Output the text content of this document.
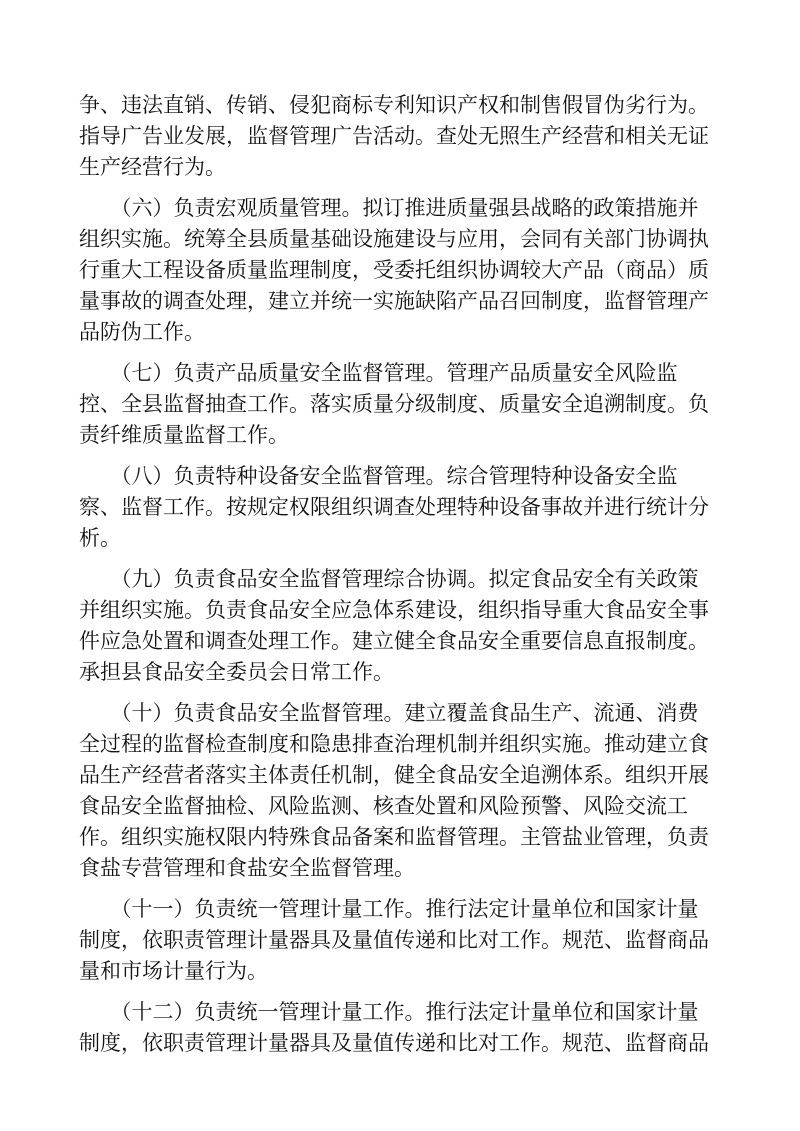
争、违法直销、传销、侵犯商标专利知识产权和制售假冒伪劣行为。
指导广告业发展，监督管理广告活动。查处无照生产经营和相关无证
生产经营行为。
　　（六）负责宏观质量管理。拟订推进质量强县战略的政策措施并
组织实施。统筹全县质量基础设施建设与应用，会同有关部门协调执
行重大工程设备质量监理制度，受委托组织协调较大产品（商品）质
量事故的调查处理，建立并统一实施缺陷产品召回制度，监督管理产
品防伪工作。
　　（七）负责产品质量安全监督管理。管理产品质量安全风险监
控、全县监督抽查工作。落实质量分级制度、质量安全追溯制度。负
责纤维质量监督工作。
　　（八）负责特种设备安全监督管理。综合管理特种设备安全监
察、监督工作。按规定权限组织调查处理特种设备事故并进行统计分
析。
　　（九）负责食品安全监督管理综合协调。拟定食品安全有关政策
并组织实施。负责食品安全应急体系建设，组织指导重大食品安全事
件应急处置和调查处理工作。建立健全食品安全重要信息直报制度。
承担县食品安全委员会日常工作。
　　（十）负责食品安全监督管理。建立覆盖食品生产、流通、消费
全过程的监督检查制度和隐患排查治理机制并组织实施。推动建立食
品生产经营者落实主体责任机制，健全食品安全追溯体系。组织开展
食品安全监督抽检、风险监测、核查处置和风险预警、风险交流工
作。组织实施权限内特殊食品备案和监督管理。主管盐业管理，负责
食盐专营管理和食盐安全监督管理。
　　（十一）负责统一管理计量工作。推行法定计量单位和国家计量
制度，依职责管理计量器具及量值传递和比对工作。规范、监督商品
量和市场计量行为。
　　（十二）负责统一管理计量工作。推行法定计量单位和国家计量
制度，依职责管理计量器具及量值传递和比对工作。规范、监督商品
